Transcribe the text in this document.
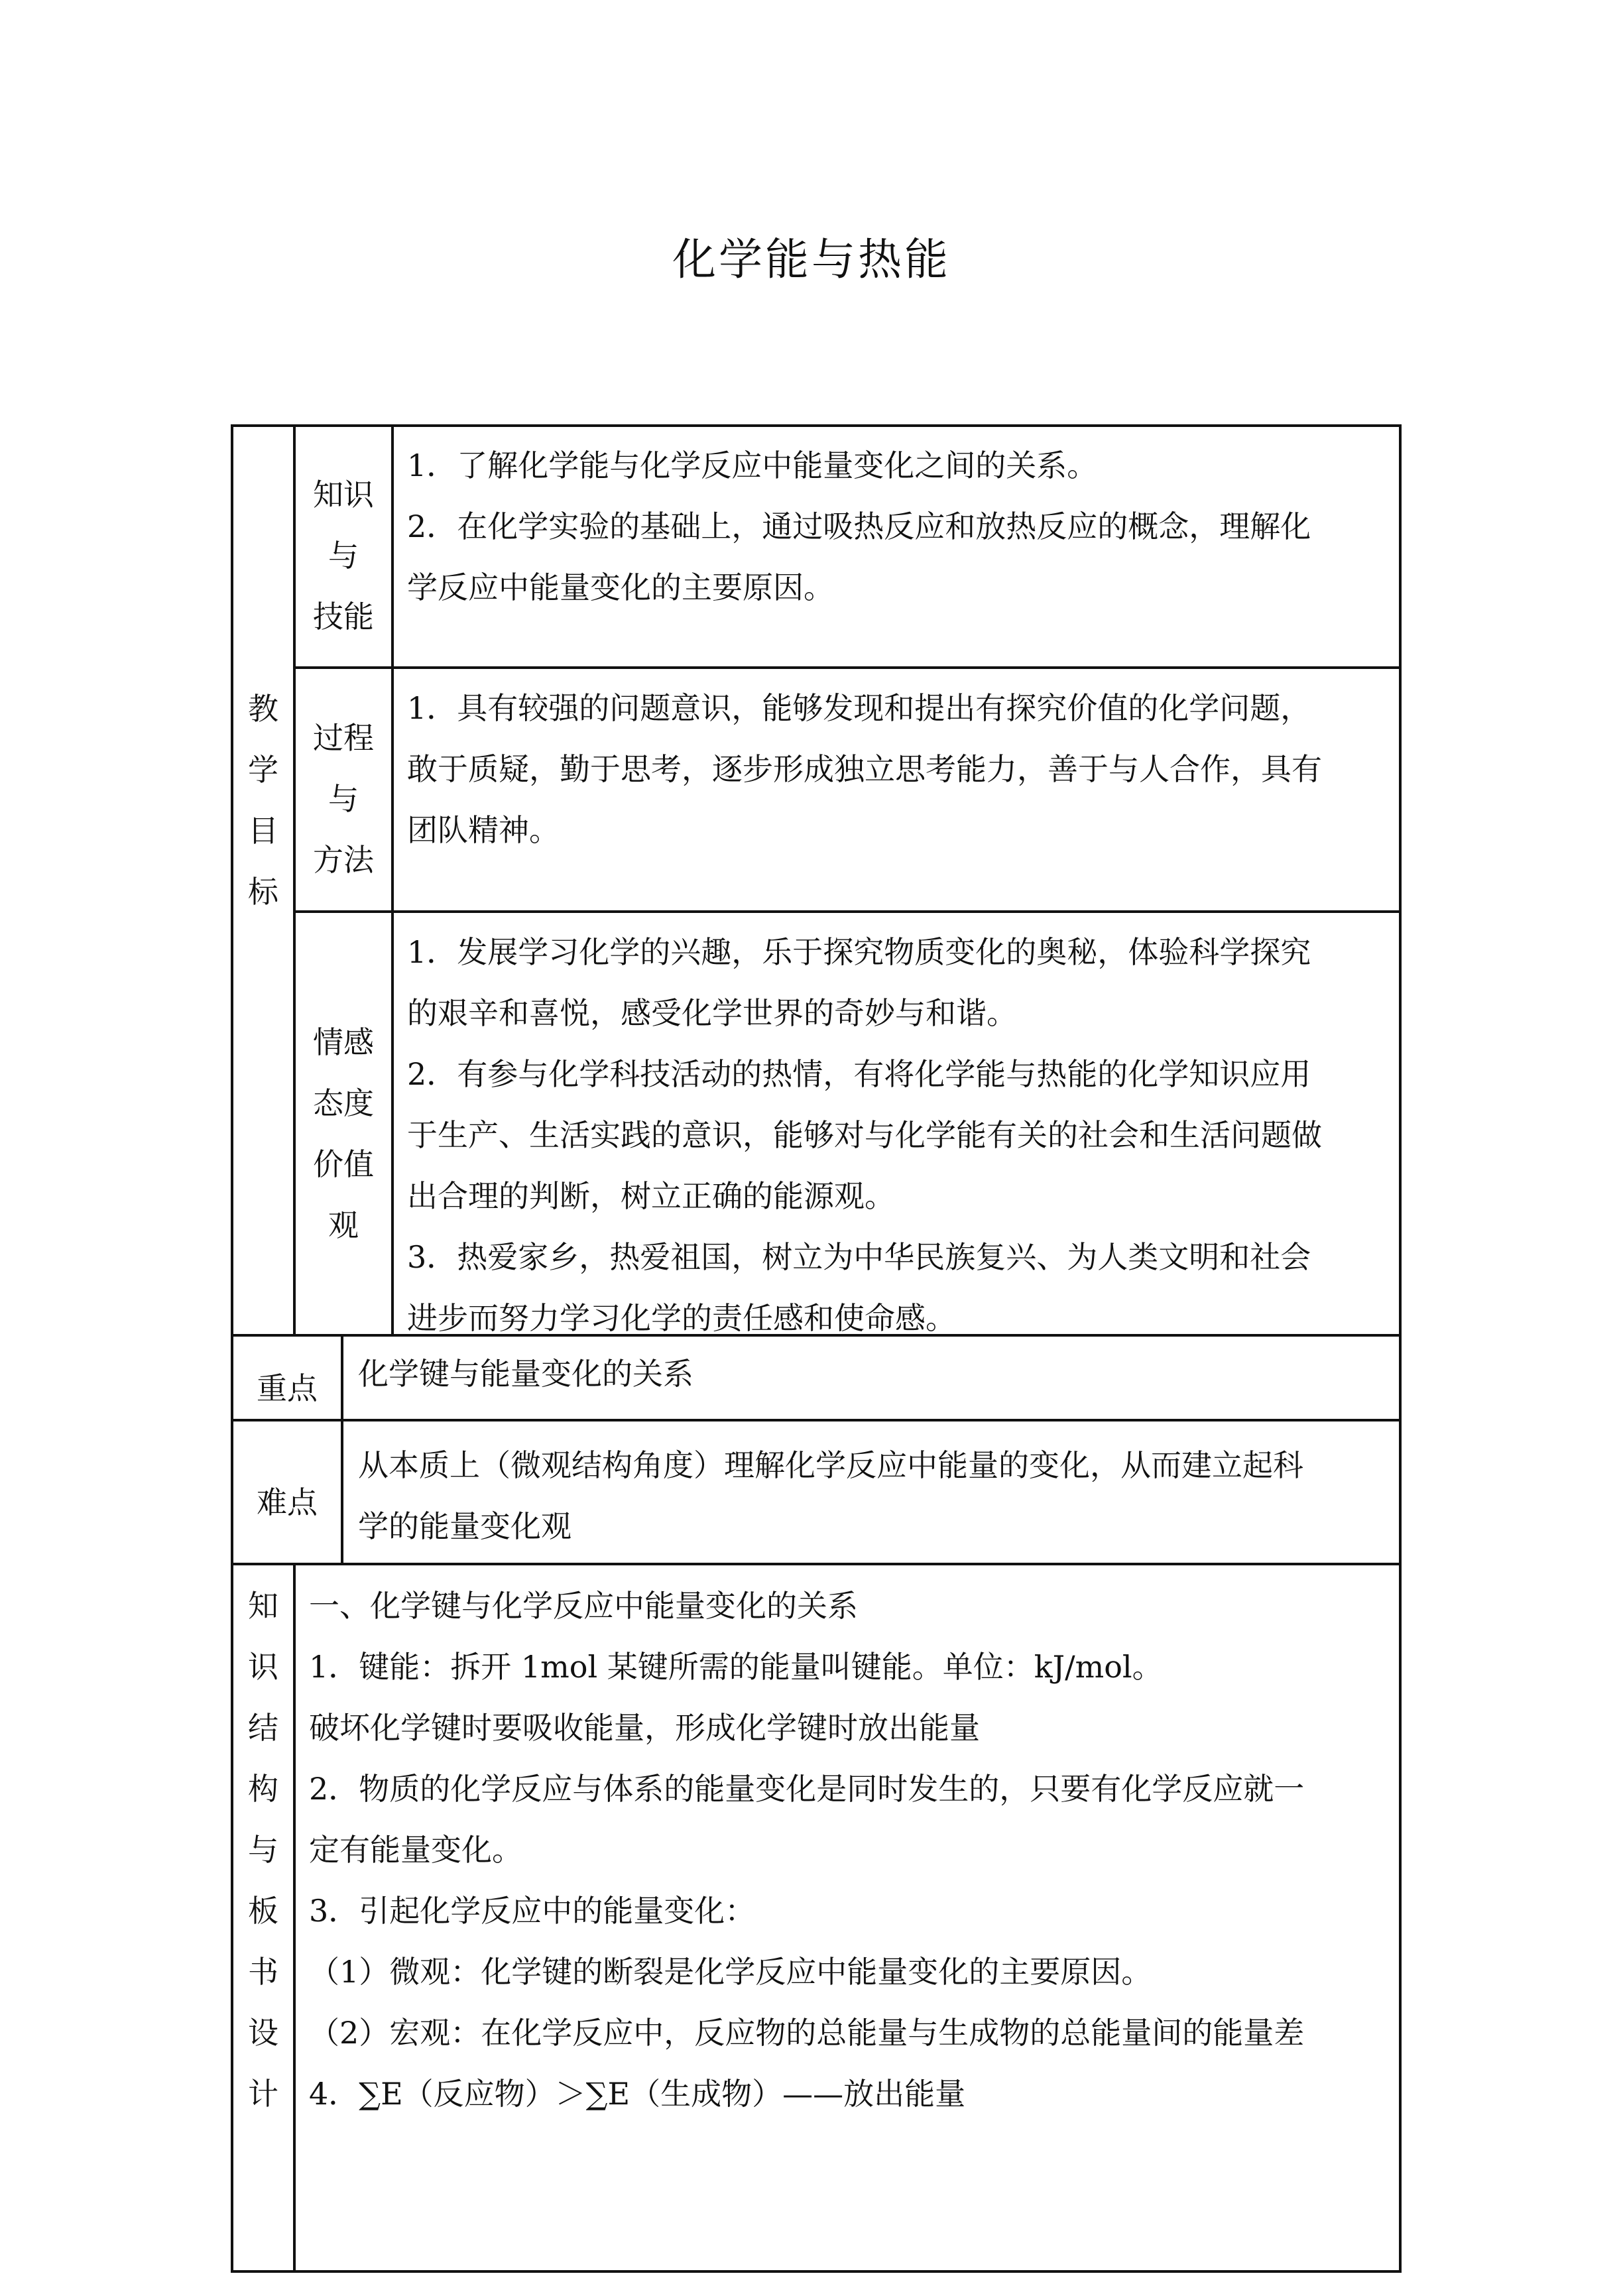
化学能与热能
教
学
目
标
知识
与
技能
1．了解化学能与化学反应中能量变化之间的关系。
2．在化学实验的基础上，通过吸热反应和放热反应的概念，理解化
学反应中能量变化的主要原因。
过程
与
方法
1．具有较强的问题意识，能够发现和提出有探究价值的化学问题，
敢于质疑，勤于思考，逐步形成独立思考能力，善于与人合作，具有
团队精神。
情感
态度
价值
观
1．发展学习化学的兴趣，乐于探究物质变化的奥秘，体验科学探究
的艰辛和喜悦，感受化学世界的奇妙与和谐。
2．有参与化学科技活动的热情，有将化学能与热能的化学知识应用
于生产、生活实践的意识，能够对与化学能有关的社会和生活问题做
出合理的判断，树立正确的能源观。
3．热爱家乡，热爱祖国，树立为中华民族复兴、为人类文明和社会
进步而努力学习化学的责任感和使命感。
重点	化学键与能量变化的关系
难点
从本质上（微观结构角度）理解化学反应中能量的变化，从而建立起科
学的能量变化观
知
识
结
构
与
板
书
设
计
一、化学键与化学反应中能量变化的关系
1．键能：拆开 1mol 某键所需的能量叫键能。单位：kJ/mol。
破坏化学键时要吸收能量，形成化学键时放出能量
2．物质的化学反应与体系的能量变化是同时发生的，只要有化学反应就一
定有能量变化。
3．引起化学反应中的能量变化：
（1）微观：化学键的断裂是化学反应中能量变化的主要原因。
（2）宏观：在化学反应中，反应物的总能量与生成物的总能量间的能量差
4．∑E（反应物）＞∑E（生成物）——放出能量
